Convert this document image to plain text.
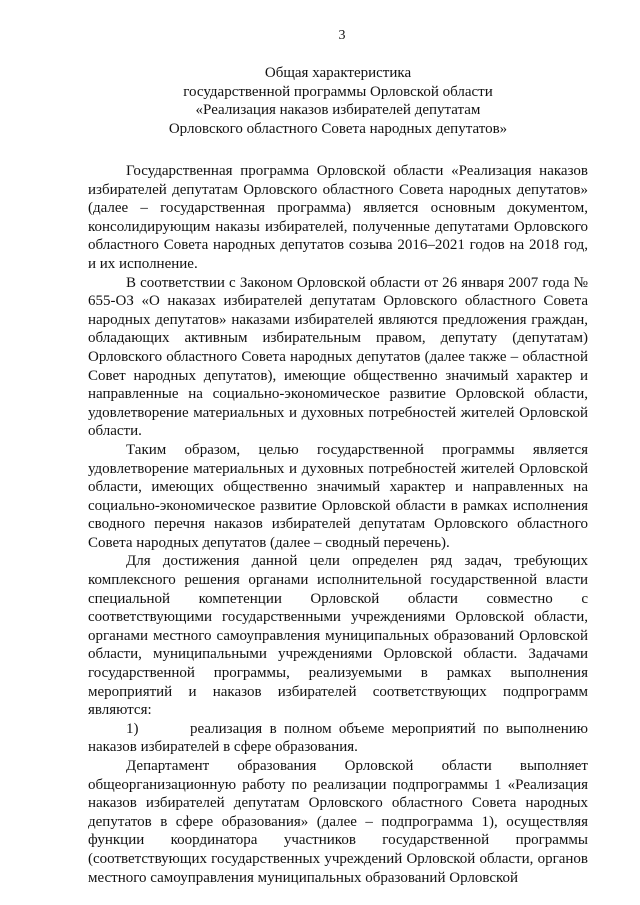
3
Общая характеристика
государственной программы Орловской области
«Реализация наказов избирателей депутатам
Орловского областного Совета народных депутатов»

Государственная программа Орловской области «Реализация наказов избирателей депутатам Орловского областного Совета народных депутатов» (далее – государственная программа) является основным документом, консолидирующим наказы избирателей, полученные депутатами Орловского областного Совета народных депутатов созыва 2016–2021 годов на 2018 год, и их исполнение.

В соответствии с Законом Орловской области от 26 января 2007 года № 655-ОЗ «О наказах избирателей депутатам Орловского областного Совета народных депутатов» наказами избирателей являются предложения граждан, обладающих активным избирательным правом, депутату (депутатам) Орловского областного Совета народных депутатов (далее также – областной Совет народных депутатов), имеющие общественно значимый характер и направленные на социально-экономическое развитие Орловской области, удовлетворение материальных и духовных потребностей жителей Орловской области.

Таким образом, целью государственной программы является удовлетворение материальных и духовных потребностей жителей Орловской области, имеющих общественно значимый характер и направленных на социально-экономическое развитие Орловской области в рамках исполнения сводного перечня наказов избирателей депутатам Орловского областного Совета народных депутатов (далее – сводный перечень).

Для достижения данной цели определен ряд задач, требующих комплексного решения органами исполнительной государственной власти специальной компетенции Орловской области совместно с соответствующими государственными учреждениями Орловской области, органами местного самоуправления муниципальных образований Орловской области, муниципальными учреждениями Орловской области. Задачами государственной программы, реализуемыми в рамках выполнения мероприятий и наказов избирателей соответствующих подпрограмм являются:

1)       реализация в полном объеме мероприятий по выполнению наказов избирателей в сфере образования.

Департамент образования Орловской области выполняет общеорганизационную работу по реализации подпрограммы 1 «Реализация наказов избирателей депутатам Орловского областного Совета народных депутатов в сфере образования» (далее – подпрограмма 1), осуществляя функции координатора участников государственной программы (соответствующих государственных учреждений Орловской области, органов местного самоуправления муниципальных образований Орловской
